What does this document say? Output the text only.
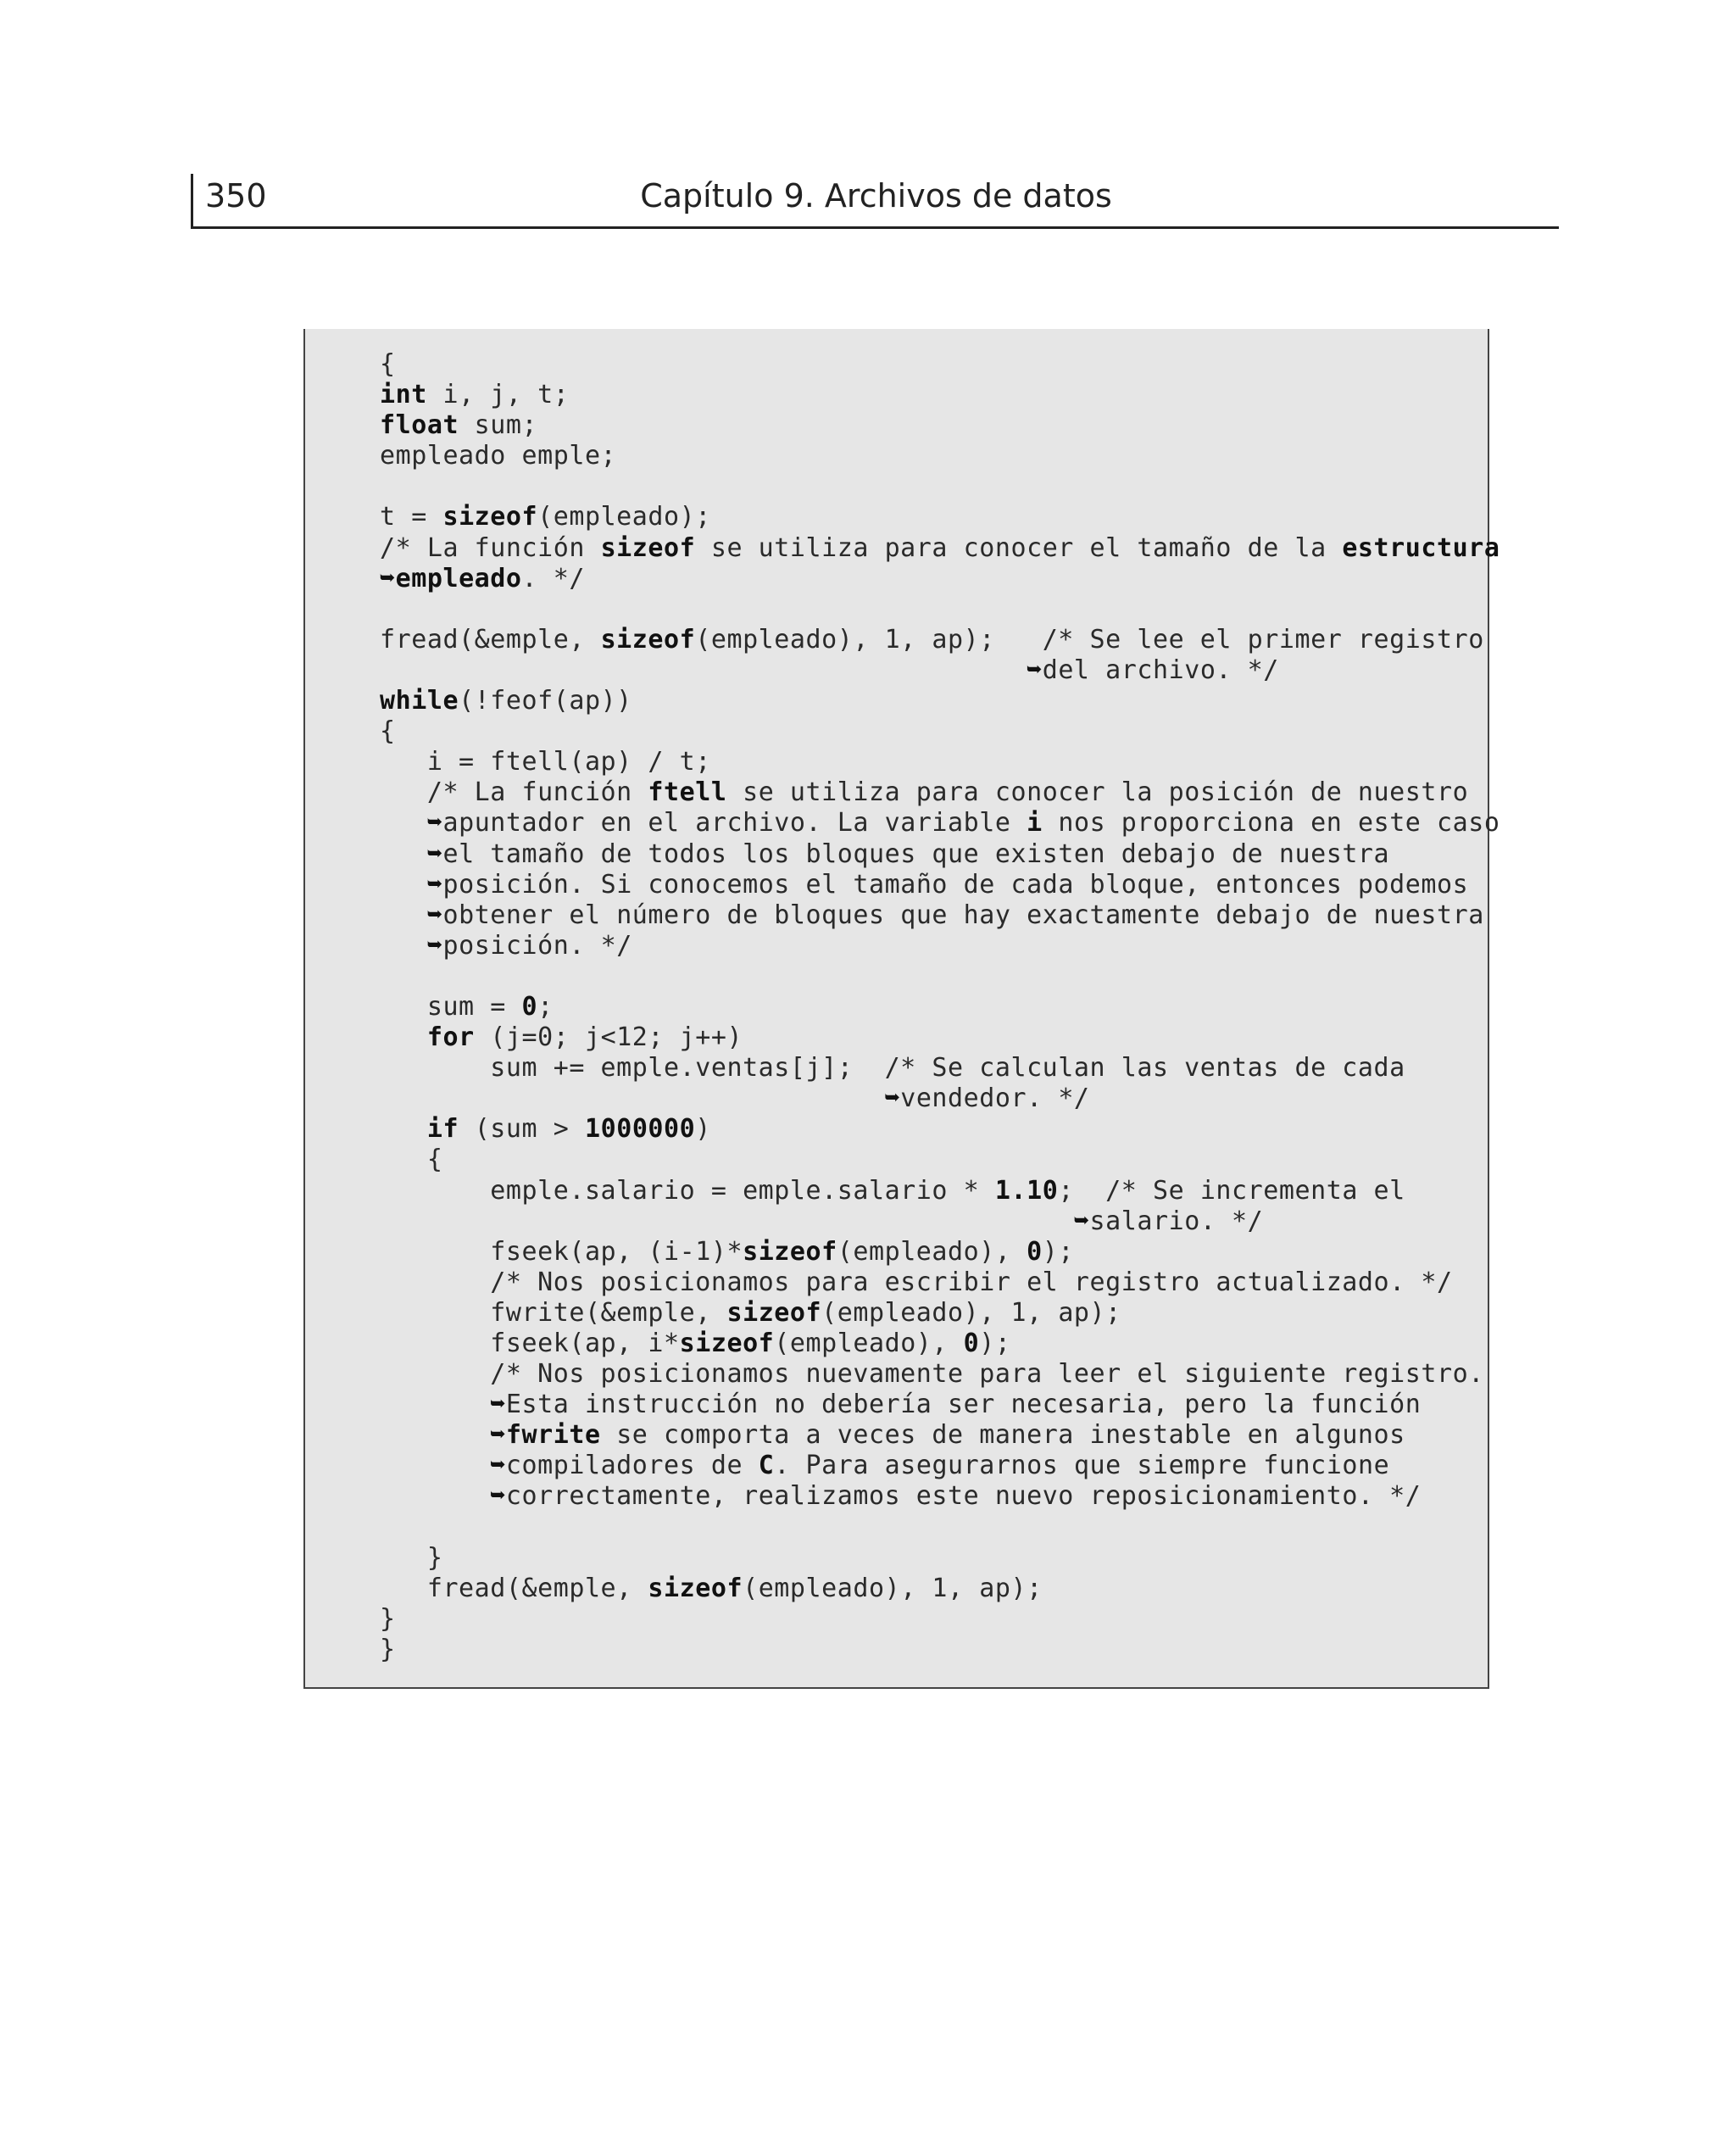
350	Capítulo 9. Archivos de datos
{
int i, j, t;
float sum;
empleado emple;

t = sizeof(empleado);
/* La función sizeof se utiliza para conocer el tamaño de la estructura
➥empleado. */

fread(&emple, sizeof(empleado), 1, ap);   /* Se lee el primer registro
➥del archivo. */
while(!feof(ap))
{
i = ftell(ap) / t;
/* La función ftell se utiliza para conocer la posición de nuestro
➥apuntador en el archivo. La variable i nos proporciona en este caso
➥el tamaño de todos los bloques que existen debajo de nuestra
➥posición. Si conocemos el tamaño de cada bloque, entonces podemos
➥obtener el número de bloques que hay exactamente debajo de nuestra
➥posición. */

sum = 0;
for (j=0; j<12; j++)
sum += emple.ventas[j];  /* Se calculan las ventas de cada
➥vendedor. */
if (sum > 1000000)
{
emple.salario = emple.salario * 1.10;  /* Se incrementa el
➥salario. */
fseek(ap, (i-1)*sizeof(empleado), 0);
/* Nos posicionamos para escribir el registro actualizado. */
fwrite(&emple, sizeof(empleado), 1, ap);
fseek(ap, i*sizeof(empleado), 0);
/* Nos posicionamos nuevamente para leer el siguiente registro.
➥Esta instrucción no debería ser necesaria, pero la función
➥fwrite se comporta a veces de manera inestable en algunos
➥compiladores de C. Para asegurarnos que siempre funcione
➥correctamente, realizamos este nuevo reposicionamiento. */

}
fread(&emple, sizeof(empleado), 1, ap);
}
}
